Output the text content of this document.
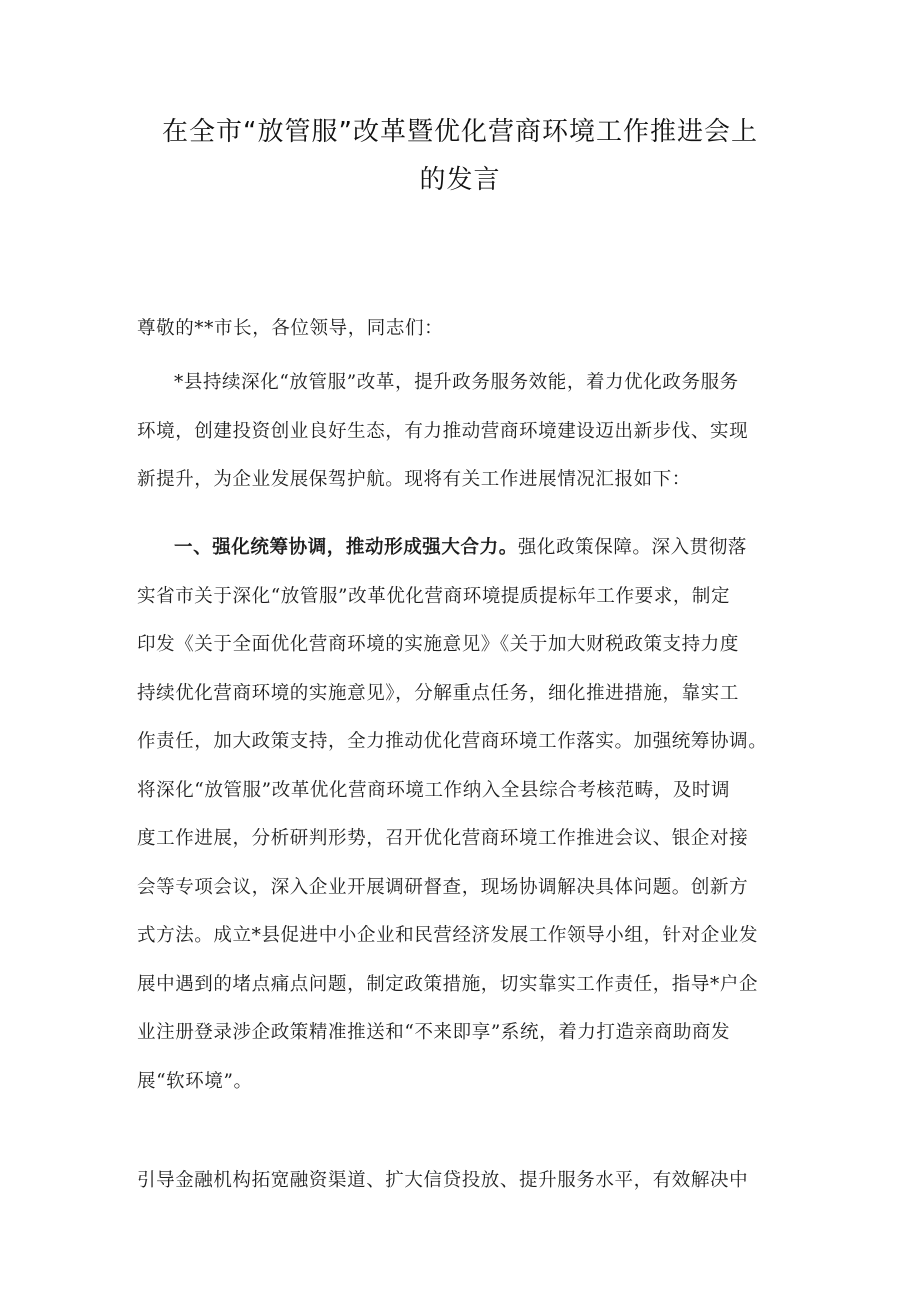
在全市“放管服”改革暨优化营商环境工作推进会上
的发言

尊敬的**市长，各位领导，同志们：

*县持续深化“放管服”改革，提升政务服务效能，着力优化政务服务
环境，创建投资创业良好生态，有力推动营商环境建设迈出新步伐、实现
新提升，为企业发展保驾护航。现将有关工作进展情况汇报如下：
一、强化统筹协调，推动形成强大合力。强化政策保障。深入贯彻落
实省市关于深化“放管服”改革优化营商环境提质提标年工作要求，制定
印发《关于全面优化营商环境的实施意见》《关于加大财税政策支持力度
持续优化营商环境的实施意见》，分解重点任务，细化推进措施，靠实工
作责任，加大政策支持，全力推动优化营商环境工作落实。加强统筹协调。
将深化“放管服”改革优化营商环境工作纳入全县综合考核范畴，及时调
度工作进展，分析研判形势，召开优化营商环境工作推进会议、银企对接
会等专项会议，深入企业开展调研督查，现场协调解决具体问题。创新方
式方法。成立*县促进中小企业和民营经济发展工作领导小组，针对企业发
展中遇到的堵点痛点问题，制定政策措施，切实靠实工作责任，指导*户企
业注册登录涉企政策精准推送和“不来即享”系统，着力打造亲商助商发
展“软环境”。

引导金融机构拓宽融资渠道、扩大信贷投放、提升服务水平，有效解决中
